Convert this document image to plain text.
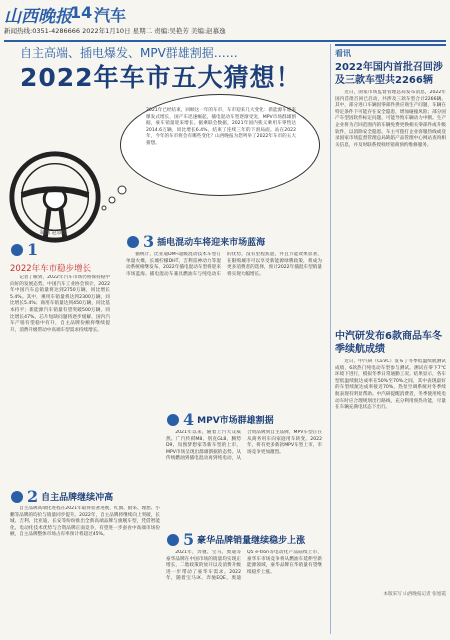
山西晚报
14 汽车
新闻热线:0351-4286666 2022年1月10日 星期二 责编:吴艳芳 美编:赵慕逸
自主高端、插电爆发、MPV群雄割据……
2022年车市五大猜想！
2021年已经结束，回顾这一年的车市，车市迎来几大变化：新能源车迎来爆发式增长，国产车迅速崛起，插电混动车型逐渐受宠，MPV市场群雄割据，豪车销量迎来增长。据乘联会数据，2021年国内狭义乘用车零售达2014.6万辆，同比增长6.4%，结束了连续三年的下滑局面。站在2022年，今年的车市将会有哪些变化？山西晚报为您列举了2022年车市的五大猜想。
制图 赵慕逸
1
2022年车市稳步增长

记者了解到，2022年汽车市场仍将保持稳中向好的发展态势。中国汽车工业协会预计，2022年中国汽车总销量将达到2750万辆，同比增长5.4%。其中，乘用车销量将达到2300万辆，同比增长5.4%；商用车销量达到450万辆，同比基本持平；新能源汽车销量有望突破500万辆，同比增长47%。芯片短缺问题将逐步缓解，国内汽车产销有望稳中有升，自主品牌份额将继续提升，消费升级带动中高端车型需求持续增长。

2 自主品牌继续冲高

自主品牌高端化进程在2021年取得显著进展，红旗、蔚来、理想、小鹏等品牌的均价与销量同步提升。2022年，自主品牌将继续向上突破，长城、吉利、比亚迪、长安等纷纷推出全新高端品牌与旗舰车型，凭借智能化、电动化技术优势与合资品牌正面竞争，有望进一步蚕食中高端市场份额，自主品牌整体市场占有率预计将超过45%。

3 插电混动车将迎来市场蓝海

据统计，比亚迪DM-i超级混动技术车型订单量火爆，长城柠檬DHT、吉利雷神动力等混动系统相继发布，2022年插电混动车型将迎来市场蓝海。插电混动车兼具燃油车与纯电动车的优势，没有里程焦虑，并且节能效果显著，在限购城市可以享受新能源绿牌政策，将成为更多消费者的选择，预计2022年插混车型销量将实现大幅增长。

4 MPV市场群雄割据

2021年以来，随着上汽大众威然、广汽传祺M8、别克GL8、腾势D9、岚图梦想家等新车型的上市，MPV市场呈现出群雄割据的态势。从传统燃油到插电混动再到纯电动，从合资品牌到自主品牌，MPV车型正在从商务用车向家庭用车转变。2022年，将有更多新款MPV车型上市，市场竞争更加激烈。

5 豪华品牌销量继续稳步上涨

2021年，奔驰、宝马、奥迪等豪华品牌在中国市场的销量均实现正增长，二胎政策的放开以及消费升级进一步带动了豪华车需求。2022年，随着宝马iX、奔驰EQE、奥迪Q5 e-tron等电动化产品陆续上市，豪华车市场竞争将从燃油车延伸至新能源领域，豪华品牌在华销量有望继续稳步上涨。

看讯
2022年国内首批召回涉及三款车型共2266辆

近日，国家市场监督管理总局发布消息，2022年国内首批召回已启动，共涉及三款车型合计2266辆。其中，部分进口车辆因零部件供应商生产问题，车辆在特定条件下可能存在安全隐患，增加碰撞风险；部分国产车型因软件标定问题，可能导致车辆动力中断。生产企业将为召回范围内的车辆免费更换相关零部件或升级软件，以消除安全隐患。车主可拨打企业客服热线或登录国家市场监督管理总局缺陷产品管理中心网站查询相关信息，并及时联系授权经销商预约维修服务。

中汽研发布6款商品车冬季续航成绩

近日，中汽研（CEVC）发布了冬季低温续航测试成绩，6款热门纯电动车型参与测试。测试在零下7℃环境下进行，模拟冬季日常通勤工况。结果显示，各车型低温续航达成率在50%至70%之间，其中表现最好的车型续航达成率接近70%，热泵空调系统对冬季续航表现有明显帮助。中汽研提醒消费者，冬季使用纯电动车时应合理规划出行路线，充分利用预热功能，尽量在车辆充满电状态下出行。

本版采写 山西晚报记者 张旭霞
